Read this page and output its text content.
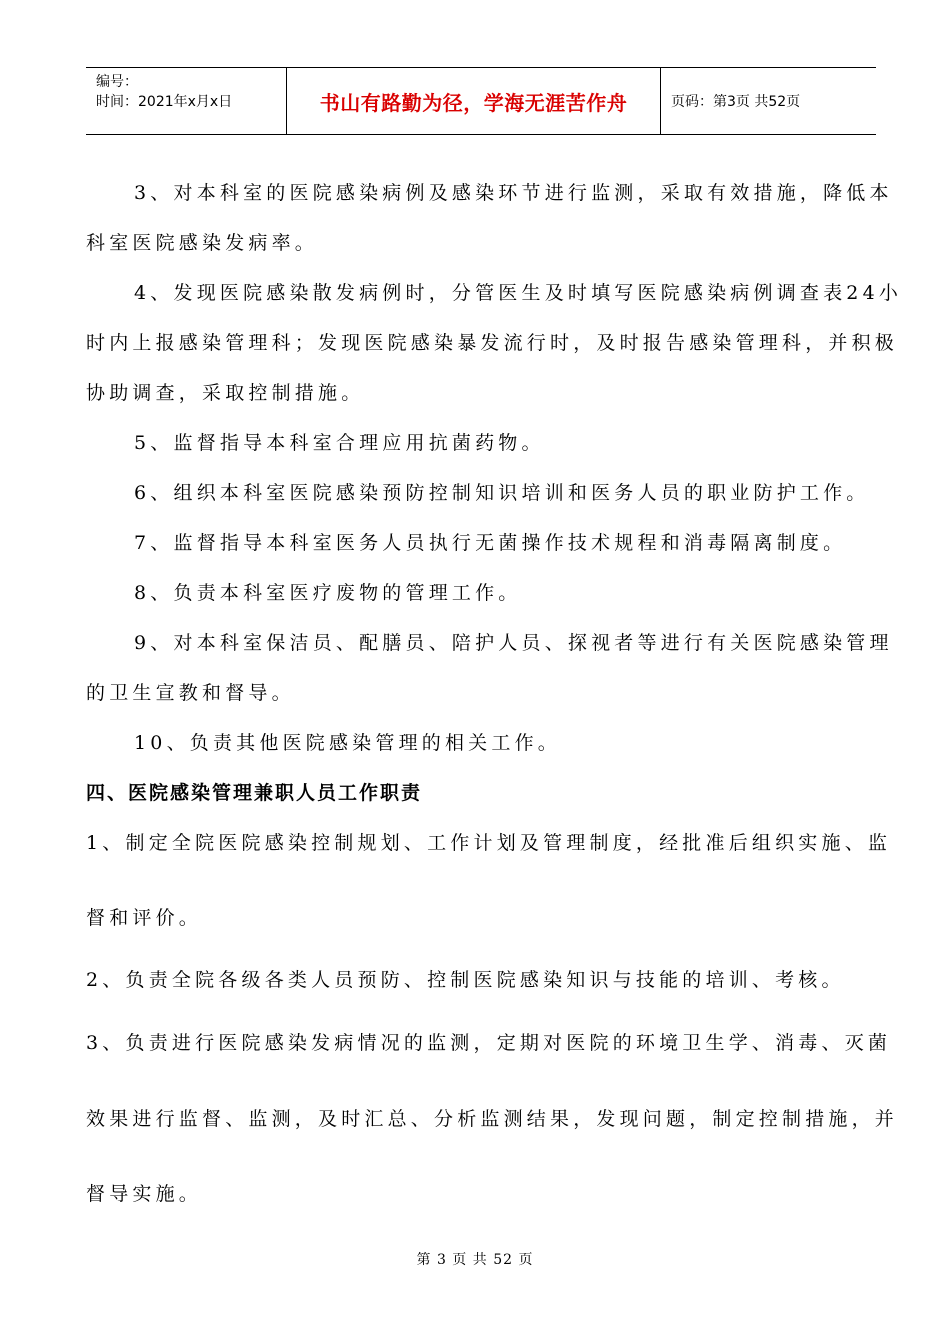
编号：
时间：2021年x月x日	书山有路勤为径，学海无涯苦作舟	页码：第3页 共52页
3、对本科室的医院感染病例及感染环节进行监测，采取有效措施，降低本
科室医院感染发病率。
4、发现医院感染散发病例时，分管医生及时填写医院感染病例调查表24小
时内上报感染管理科；发现医院感染暴发流行时，及时报告感染管理科，并积极
协助调查，采取控制措施。
5、监督指导本科室合理应用抗菌药物。
6、组织本科室医院感染预防控制知识培训和医务人员的职业防护工作。
7、监督指导本科室医务人员执行无菌操作技术规程和消毒隔离制度。
8、负责本科室医疗废物的管理工作。
9、对本科室保洁员、配膳员、陪护人员、探视者等进行有关医院感染管理
的卫生宣教和督导。
10、负责其他医院感染管理的相关工作。
四、医院感染管理兼职人员工作职责
1、制定全院医院感染控制规划、工作计划及管理制度，经批准后组织实施、监
督和评价。
2、负责全院各级各类人员预防、控制医院感染知识与技能的培训、考核。
3、负责进行医院感染发病情况的监测，定期对医院的环境卫生学、消毒、灭菌
效果进行监督、监测，及时汇总、分析监测结果，发现问题，制定控制措施，并
督导实施。
第 3 页 共 52 页
